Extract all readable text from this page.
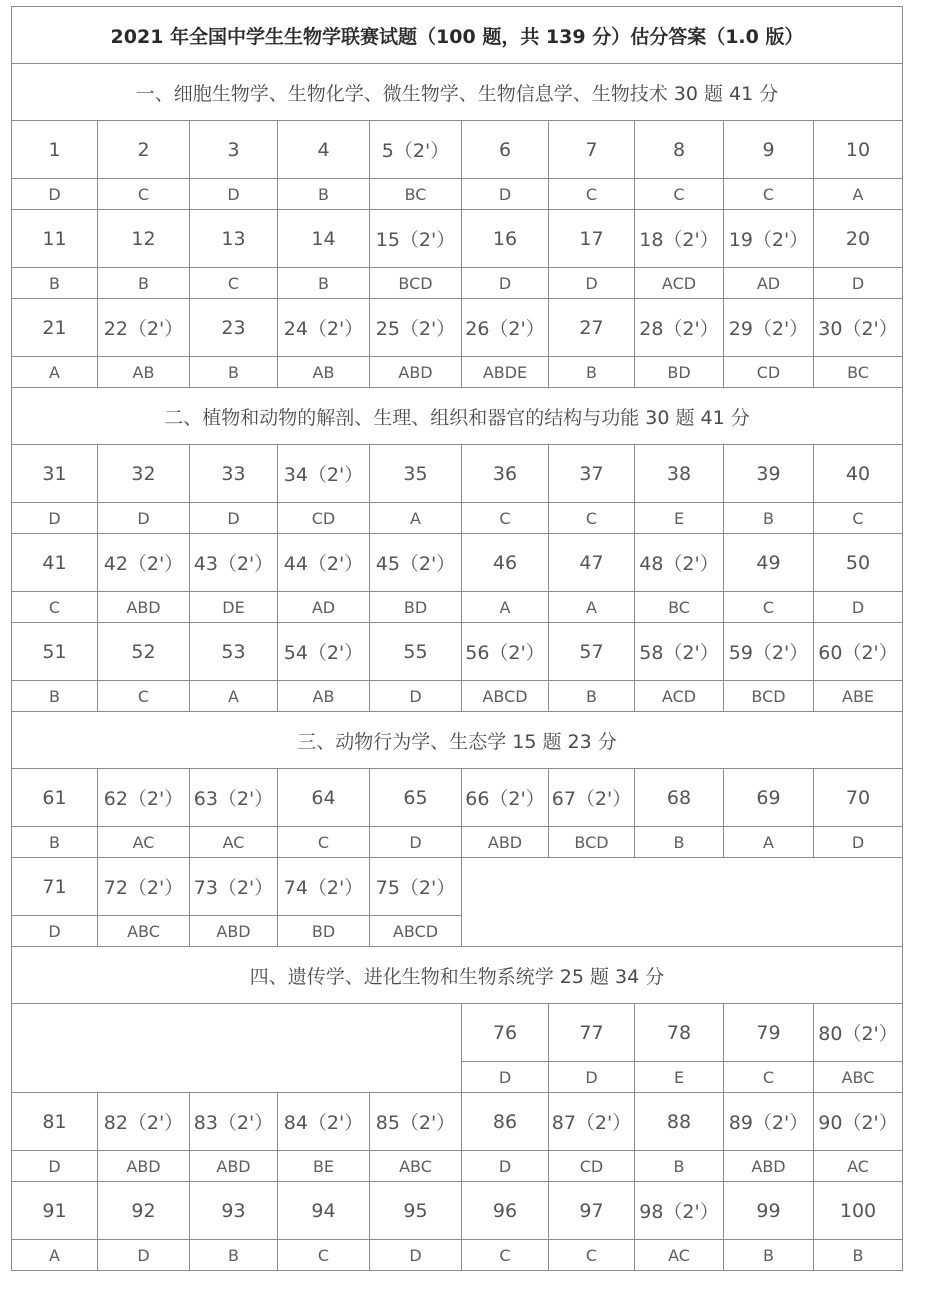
2021 年全国中学生生物学联赛试题（100 题，共 139 分）估分答案（1.0 版）									
一、细胞生物学、生物化学、微生物学、生物信息学、生物技术 30 题 41 分									
1	2	3	4	5（2'）	6	7	8	9	10
D	C	D	B	BC	D	C	C	C	A
11	12	13	14	15（2'）	16	17	18（2'）	19（2'）	20
B	B	C	B	BCD	D	D	ACD	AD	D
21	22（2'）	23	24（2'）	25（2'）	26（2'）	27	28（2'）	29（2'）	30（2'）
A	AB	B	AB	ABD	ABDE	B	BD	CD	BC
二、植物和动物的解剖、生理、组织和器官的结构与功能 30 题 41 分									
31	32	33	34（2'）	35	36	37	38	39	40
D	D	D	CD	A	C	C	E	B	C
41	42（2'）	43（2'）	44（2'）	45（2'）	46	47	48（2'）	49	50
C	ABD	DE	AD	BD	A	A	BC	C	D
51	52	53	54（2'）	55	56（2'）	57	58（2'）	59（2'）	60（2'）
B	C	A	AB	D	ABCD	B	ACD	BCD	ABE
三、动物行为学、生态学 15 题 23 分									
61	62（2'）	63（2'）	64	65	66（2'）	67（2'）	68	69	70
B	AC	AC	C	D	ABD	BCD	B	A	D
71	72（2'）	73（2'）	74（2'）	75（2'）					
D	ABC	ABD	BD	ABCD					
四、遗传学、进化生物和生物系统学 25 题 34 分									
					76	77	78	79	80（2'）
					D	D	E	C	ABC
81	82（2'）	83（2'）	84（2'）	85（2'）	86	87（2'）	88	89（2'）	90（2'）
D	ABD	ABD	BE	ABC	D	CD	B	ABD	AC
91	92	93	94	95	96	97	98（2'）	99	100
A	D	B	C	D	C	C	AC	B	B
